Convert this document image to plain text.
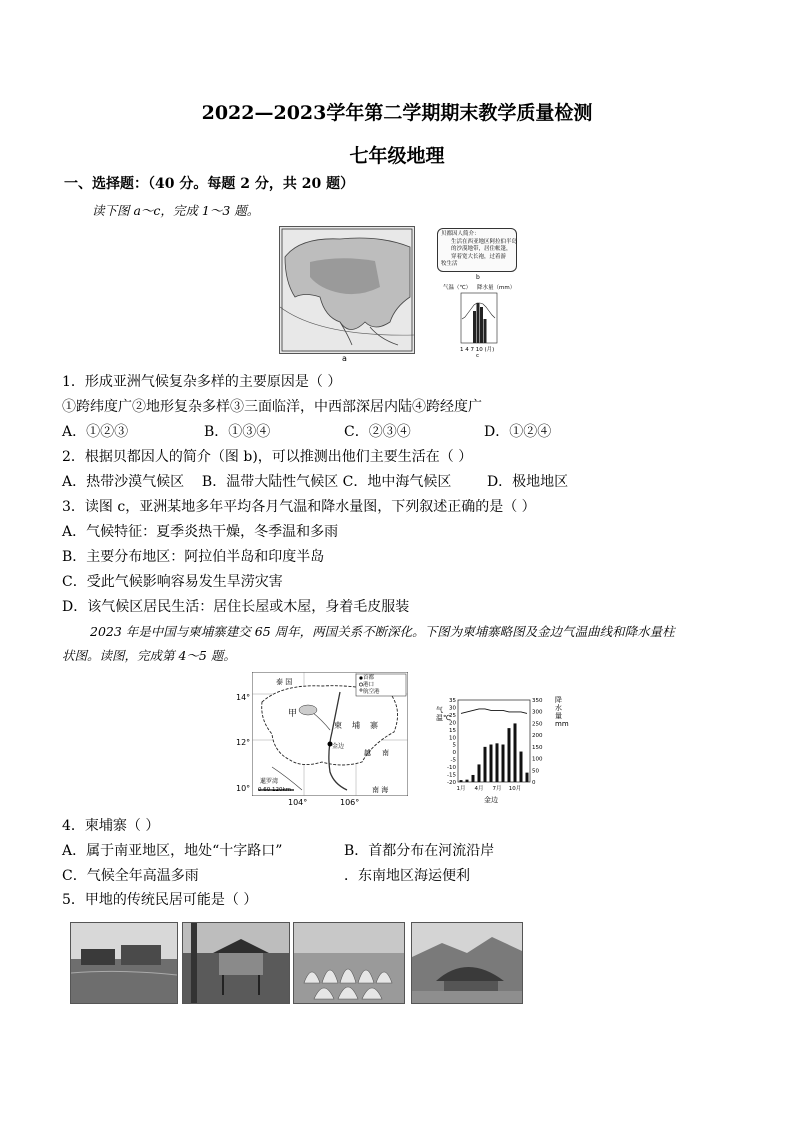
2022—2023学年第二学期期末教学质量检测
七年级地理
一、选择题：（40 分。每题 2 分，共 20 题）
读下图 a～c，完成 1～3 题。
a
贝都因人简介：
生活在西亚地区阿拉伯半岛
的沙漠地带，居住帐篷，
穿着宽大长袍，过着游
牧生活
b
气温（℃） 降水量（mm）
1 4 7 10 (月)
c
1．形成亚洲气候复杂多样的主要原因是（ ）
①跨纬度广②地形复杂多样③三面临洋，中西部深居内陆④跨经度广
A．①②③	B．①③④	C．②③④	D．①②④
2．根据贝都因人的简介（图 b)，可以推测出他们主要生活在（ ）
A．热带沙漠气候区    B．温带大陆性气候区 C．地中海气候区        D．极地地区
3．读图 c，亚洲某地多年平均各月气温和降水量图，下列叙述正确的是（ ）
A．气候特征：夏季炎热干燥，冬季温和多雨
B．主要分布地区：阿拉伯半岛和印度半岛
C．受此气候影响容易发生旱涝灾害
D．该气候区居民生活：居住长屋或木屋，身着毛皮服装
2023 年是中国与柬埔寨建交 65 周年，两国关系不断深化。下图为柬埔寨略图及金边气温曲线和降水量柱
状图。读图，完成第 4～5 题。
14°
12°
10°
泰 国
甲
柬 埔 寨
越 南
南 海
金边
暹罗湾
0 60 120km
首都
港口
航空港
104°	106°
气温℃
降水量mm
35
30
25
20
15
10
5
0
-5
-10
-15
-20
350
300
250
200
150
100
50
0
1月 4月 7月 10月
金边
4．柬埔寨（ ）
A．属于南亚地区，地处“十字路口”	B．首都分布在河流沿岸
C．气候全年高温多雨	．东南地区海运便利
5．甲地的传统民居可能是（ ）
